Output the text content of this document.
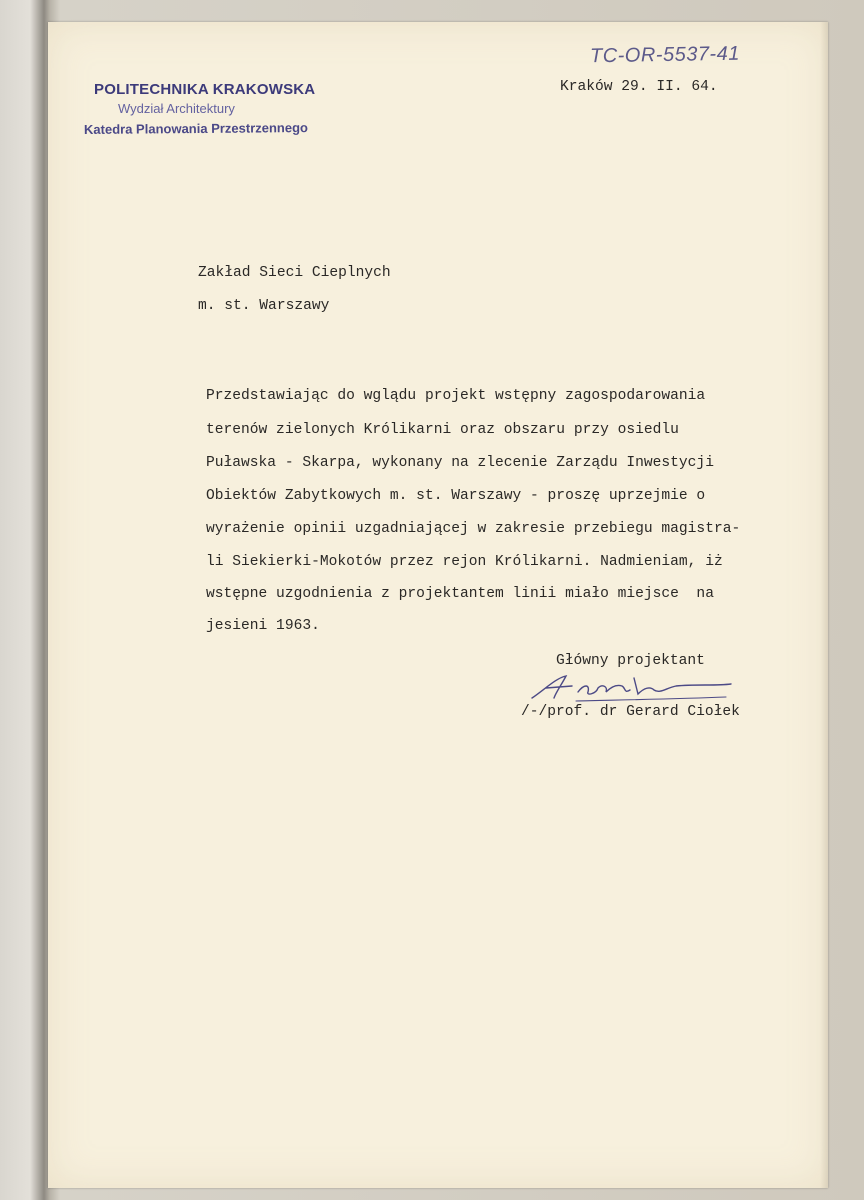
POLITECHNIKA KRAKOWSKA
Wydział Architektury
Katedra Planowania Przestrzennego
TC-OR-5537-41
Kraków 29. II. 64.
Zakład Sieci Cieplnych
m. st. Warszawy
Przedstawiając do wglądu projekt wstępny zagospodarowania
terenów zielonych Królikarni oraz obszaru przy osiedlu
Puławska - Skarpa, wykonany na zlecenie Zarządu Inwestycji
Obiektów Zabytkowych m. st. Warszawy - proszę uprzejmie o
wyrażenie opinii uzgadniającej w zakresie przebiegu magistra-
li Siekierki-Mokotów przez rejon Królikarni. Nadmieniam, iż
wstępne uzgodnienia z projektantem linii miało miejsce  na
jesieni 1963.
Główny projektant
/-/prof. dr Gerard Ciołek
